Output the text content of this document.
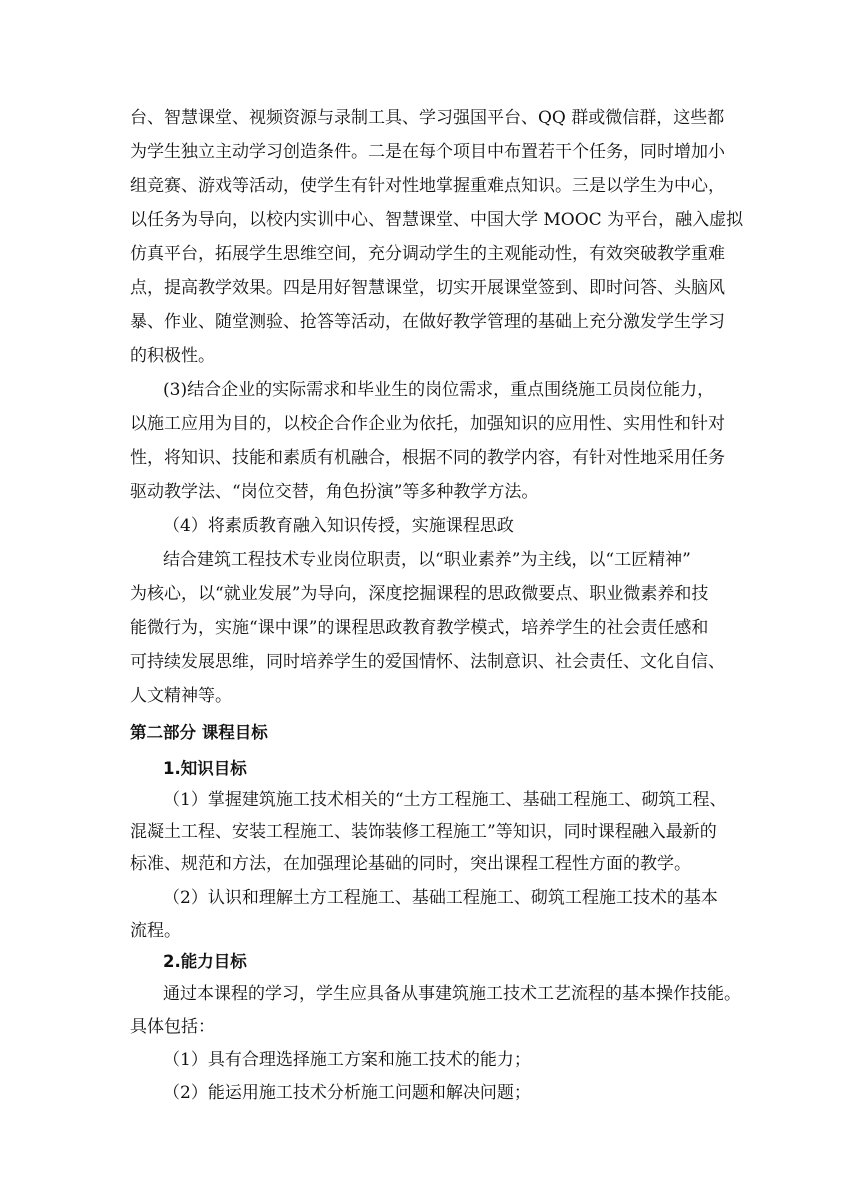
台、智慧课堂、视频资源与录制工具、学习强国平台、QQ 群或微信群，这些都

为学生独立主动学习创造条件。二是在每个项目中布置若干个任务，同时增加小

组竞赛、游戏等活动，使学生有针对性地掌握重难点知识。三是以学生为中心，

以任务为导向，以校内实训中心、智慧课堂、中国大学 MOOC 为平台，融入虚拟

仿真平台，拓展学生思维空间，充分调动学生的主观能动性，有效突破教学重难

点，提高教学效果。四是用好智慧课堂，切实开展课堂签到、即时问答、头脑风

暴、作业、随堂测验、抢答等活动，在做好教学管理的基础上充分激发学生学习

的积极性。

(3)结合企业的实际需求和毕业生的岗位需求，重点围绕施工员岗位能力，

以施工应用为目的，以校企合作企业为依托，加强知识的应用性、实用性和针对

性，将知识、技能和素质有机融合，根据不同的教学内容，有针对性地采用任务

驱动教学法、“岗位交替，角色扮演”等多种教学方法。

（4）将素质教育融入知识传授，实施课程思政

结合建筑工程技术专业岗位职责，以“职业素养”为主线，以“工匠精神”

为核心，以“就业发展”为导向，深度挖掘课程的思政微要点、职业微素养和技

能微行为，实施“课中课”的课程思政教育教学模式，培养学生的社会责任感和

可持续发展思维，同时培养学生的爱国情怀、法制意识、社会责任、文化自信、

人文精神等。

第二部分 课程目标

1.知识目标

（1）掌握建筑施工技术相关的“土方工程施工、基础工程施工、砌筑工程、

混凝土工程、安装工程施工、装饰装修工程施工”等知识，同时课程融入最新的

标准、规范和方法，在加强理论基础的同时，突出课程工程性方面的教学。

（2）认识和理解土方工程施工、基础工程施工、砌筑工程施工技术的基本

流程。

2.能力目标

通过本课程的学习，学生应具备从事建筑施工技术工艺流程的基本操作技能。

具体包括：

（1）具有合理选择施工方案和施工技术的能力；

（2）能运用施工技术分析施工问题和解决问题；
